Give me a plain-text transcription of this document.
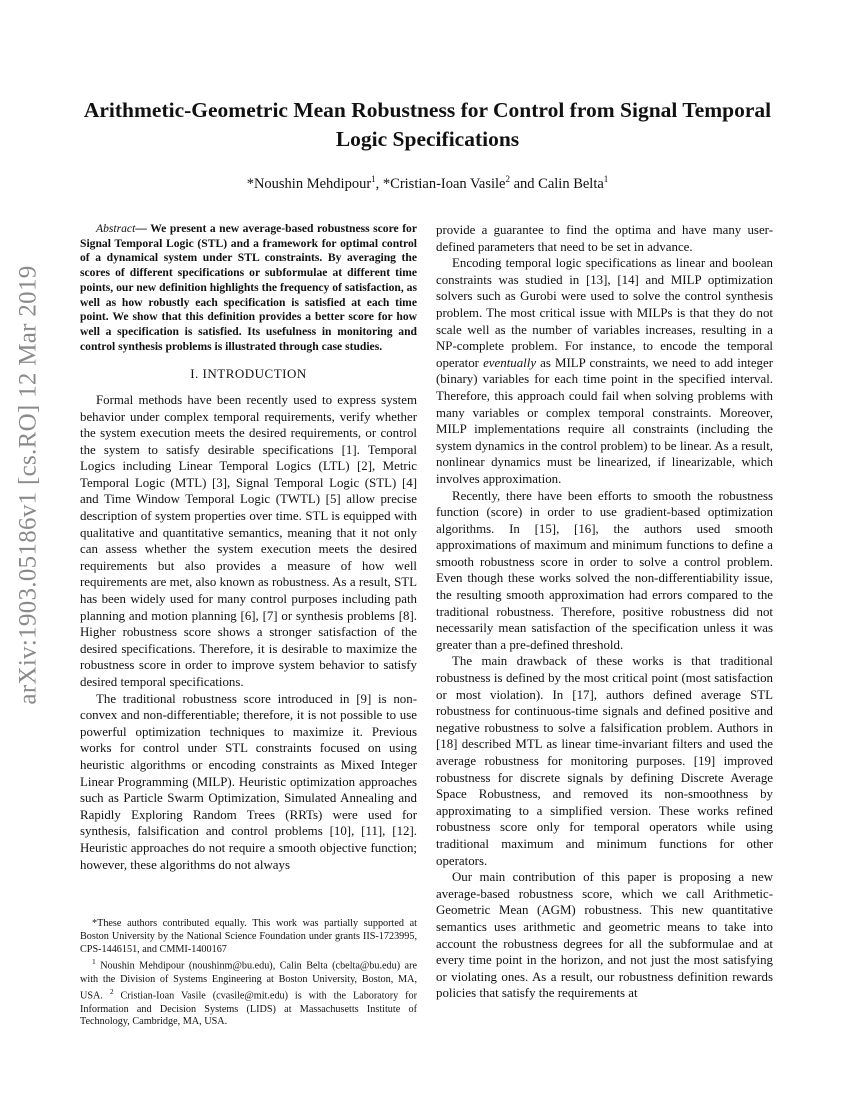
arXiv:1903.05186v1 [cs.RO] 12 Mar 2019
Arithmetic-Geometric Mean Robustness for Control from Signal Temporal Logic Specifications

*Noushin Mehdipour$^1$, *Cristian-Ioan Vasile$^2$ and Calin Belta$^1$

Abstract— We present a new average-based robustness score for Signal Temporal Logic (STL) and a framework for optimal control of a dynamical system under STL constraints. By averaging the scores of different specifications or subformulae at different time points, our new definition highlights the frequency of satisfaction, as well as how robustly each specification is satisfied at each time point. We show that this definition provides a better score for how well a specification is satisfied. Its usefulness in monitoring and control synthesis problems is illustrated through case studies.

I. INTRODUCTION

Formal methods have been recently used to express system behavior under complex temporal requirements, verify whether the system execution meets the desired requirements, or control the system to satisfy desirable specifications [1]. Temporal Logics including Linear Temporal Logics (LTL) [2], Metric Temporal Logic (MTL) [3], Signal Temporal Logic (STL) [4] and Time Window Temporal Logic (TWTL) [5] allow precise description of system properties over time. STL is equipped with qualitative and quantitative semantics, meaning that it not only can assess whether the system execution meets the desired requirements but also provides a measure of how well requirements are met, also known as robustness. As a result, STL has been widely used for many control purposes including path planning and motion planning [6], [7] or synthesis problems [8]. Higher robustness score shows a stronger satisfaction of the desired specifications. Therefore, it is desirable to maximize the robustness score in order to improve system behavior to satisfy desired temporal specifications.

The traditional robustness score introduced in [9] is non-convex and non-differentiable; therefore, it is not possible to use powerful optimization techniques to maximize it. Previous works for control under STL constraints focused on using heuristic algorithms or encoding constraints as Mixed Integer Linear Programming (MILP). Heuristic optimization approaches such as Particle Swarm Optimization, Simulated Annealing and Rapidly Exploring Random Trees (RRTs) were used for synthesis, falsification and control problems [10], [11], [12]. Heuristic approaches do not require a smooth objective function; however, these algorithms do not always

*These authors contributed equally. This work was partially supported at Boston University by the National Science Foundation under grants IIS-1723995, CPS-1446151, and CMMI-1400167

$^1$ Noushin Mehdipour (noushinm@bu.edu), Calin Belta (cbelta@bu.edu) are with the Division of Systems Engineering at Boston University, Boston, MA, USA. $^2$ Cristian-Ioan Vasile (cvasile@mit.edu) is with the Laboratory for Information and Decision Systems (LIDS) at Massachusetts Institute of Technology, Cambridge, MA, USA.

provide a guarantee to find the optima and have many user-defined parameters that need to be set in advance.

Encoding temporal logic specifications as linear and boolean constraints was studied in [13], [14] and MILP optimization solvers such as Gurobi were used to solve the control synthesis problem. The most critical issue with MILPs is that they do not scale well as the number of variables increases, resulting in a NP-complete problem. For instance, to encode the temporal operator eventually as MILP constraints, we need to add integer (binary) variables for each time point in the specified interval. Therefore, this approach could fail when solving problems with many variables or complex temporal constraints. Moreover, MILP implementations require all constraints (including the system dynamics in the control problem) to be linear. As a result, nonlinear dynamics must be linearized, if linearizable, which involves approximation.

Recently, there have been efforts to smooth the robustness function (score) in order to use gradient-based optimization algorithms. In [15], [16], the authors used smooth approximations of maximum and minimum functions to define a smooth robustness score in order to solve a control problem. Even though these works solved the non-differentiability issue, the resulting smooth approximation had errors compared to the traditional robustness. Therefore, positive robustness did not necessarily mean satisfaction of the specification unless it was greater than a pre-defined threshold.

The main drawback of these works is that traditional robustness is defined by the most critical point (most satisfaction or most violation). In [17], authors defined average STL robustness for continuous-time signals and defined positive and negative robustness to solve a falsification problem. Authors in [18] described MTL as linear time-invariant filters and used the average robustness for monitoring purposes. [19] improved robustness for discrete signals by defining Discrete Average Space Robustness, and removed its non-smoothness by approximating to a simplified version. These works refined robustness score only for temporal operators while using traditional maximum and minimum functions for other operators.

Our main contribution of this paper is proposing a new average-based robustness score, which we call Arithmetic-Geometric Mean (AGM) robustness. This new quantitative semantics uses arithmetic and geometric means to take into account the robustness degrees for all the subformulae and at every time point in the horizon, and not just the most satisfying or violating ones. As a result, our robustness definition rewards policies that satisfy the requirements at
